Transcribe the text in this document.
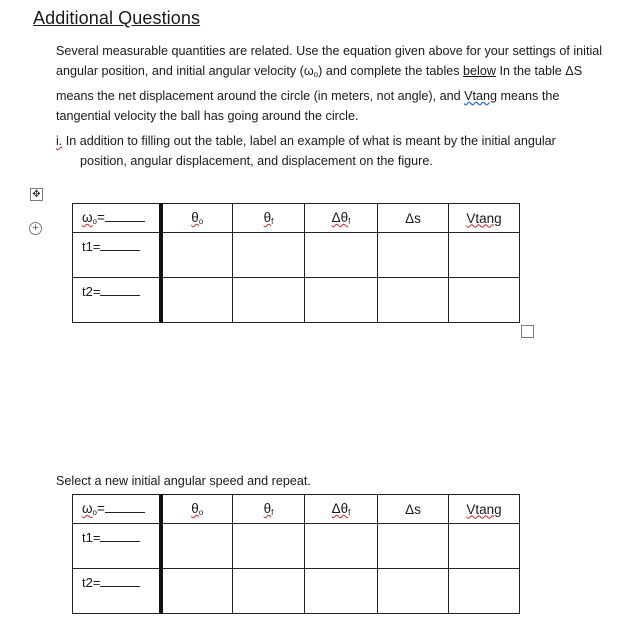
Additional Questions
Several measurable quantities are related. Use the equation given above for your settings of initial angular position, and initial angular velocity $(\omega_o)$ and complete the tables below In the table ΔS means the net displacement around the circle (in meters, not angle), and Vtang means the tangential velocity the ball has going around the circle.
i. In addition to filling out the table, label an example of what is meant by the initial angular
position, angular displacement, and displacement on the figure.
✥
+
$\omega_o=$	$\theta_o$	$\theta_f$	$\Delta\theta_f$	Δs	Vtang
t1=					
t2=					
Select a new initial angular speed and repeat.
$\omega_o=$	$\theta_o$	$\theta_f$	$\Delta\theta_f$	Δs	Vtang
t1=					
t2=					
